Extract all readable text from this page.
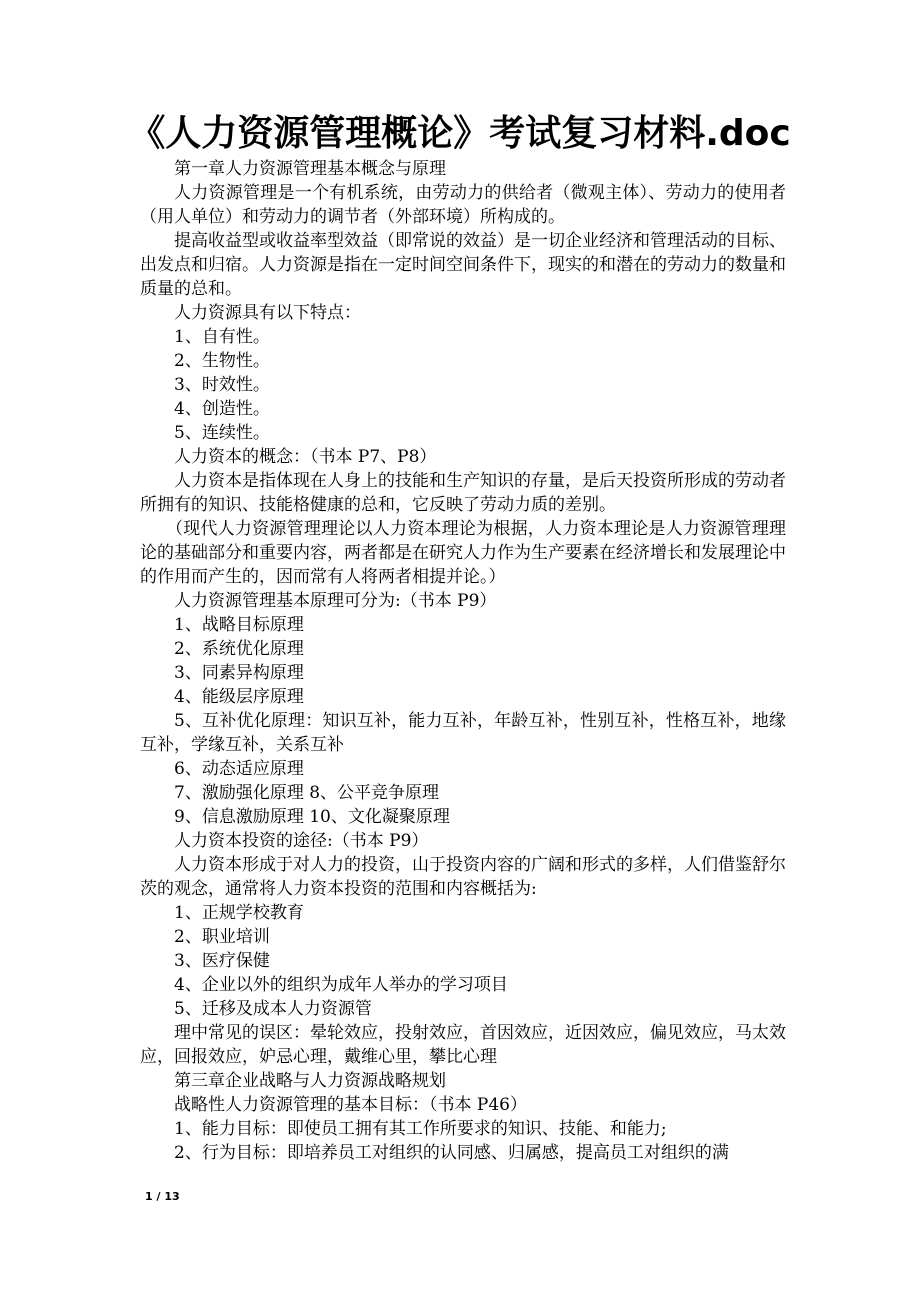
《人力资源管理概论》考试复习材料.doc

第一章人力资源管理基本概念与原理

人力资源管理是一个有机系统，由劳动力的供给者（微观主体）、劳动力的使用者（用人单位）和劳动力的调节者（外部环境）所构成的。

提高收益型或收益率型效益（即常说的效益）是一切企业经济和管理活动的目标、出发点和归宿。人力资源是指在一定时间空间条件下，现实的和潜在的劳动力的数量和质量的总和。

人力资源具有以下特点：

1、自有性。

2、生物性。

3、时效性。

4、创造性。

5、连续性。

人力资本的概念：（书本 P7、P8）

人力资本是指体现在人身上的技能和生产知识的存量，是后天投资所形成的劳动者所拥有的知识、技能格健康的总和，它反映了劳动力质的差别。

（现代人力资源管理理论以人力资本理论为根据，人力资本理论是人力资源管理理论的基础部分和重要内容，两者都是在研究人力作为生产要素在经济增长和发展理论中的作用而产生的，因而常有人将两者相提并论。）

人力资源管理基本原理可分为:（书本 P9）

1、战略目标原理

2、系统优化原理

3、同素异构原理

4、能级层序原理

5、互补优化原理：知识互补，能力互补，年龄互补，性别互补，性格互补，地缘互补，学缘互补，关系互补

6、动态适应原理

7、激励强化原理 8、公平竞争原理

9、信息激励原理 10、文化凝聚原理

人力资本投资的途径:（书本 P9）

人力资本形成于对人力的投资，山于投资内容的广阔和形式的多样，人们借鉴舒尔茨的观念，通常将人力资本投资的范围和内容概括为:

1、正规学校教育

2、职业培训

3、医疗保健

4、企业以外的组织为成年人举办的学习项目

5、迁移及成本人力资源管

理中常见的误区：晕轮效应，投射效应，首因效应，近因效应，偏见效应，马太效应，回报效应，妒忌心理，戴维心里，攀比心理

第三章企业战略与人力资源战略规划

战略性人力资源管理的基本目标：（书本 P46）

1、能力目标：即使员工拥有其工作所要求的知识、技能、和能力;

2、行为目标：即培养员工对组织的认同感、归属感，提高员工对组织的满

1 / 13
